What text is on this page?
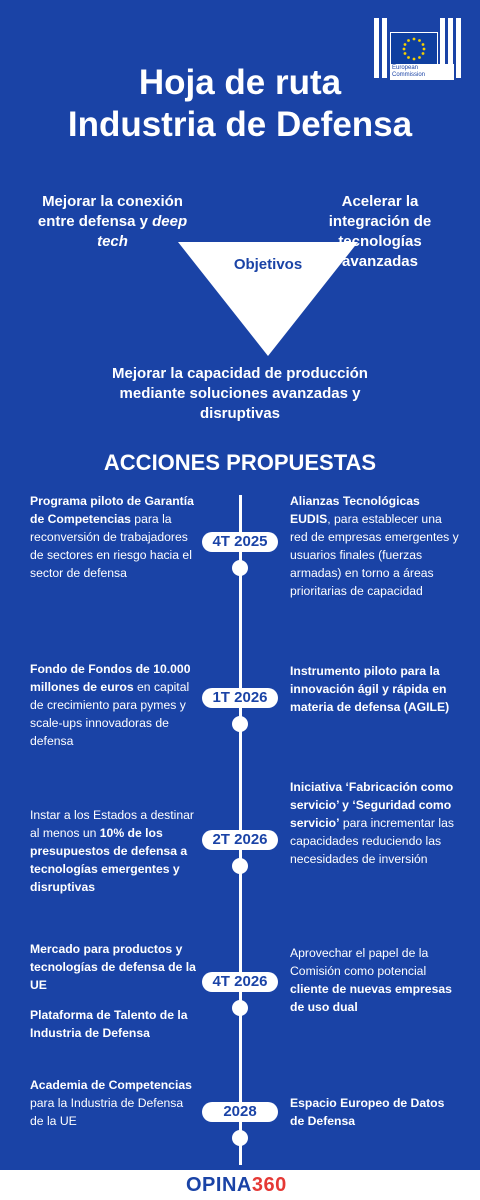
European
Commission
Hoja de ruta
Industria de Defensa
Mejorar la conexión entre defensa y deep tech
Acelerar la integración de tecnologías avanzadas
Objetivos
Mejorar la capacidad de producción mediante soluciones avanzadas y disruptivas
ACCIONES PROPUESTAS
4T 2025
Programa piloto de Garantía de Competencias para la reconversión de trabajadores de sectores en riesgo hacia el sector de defensa
Alianzas Tecnológicas EUDIS, para establecer una red de empresas emergentes y usuarios finales (fuerzas armadas) en torno a áreas prioritarias de capacidad
1T 2026
Fondo de Fondos de 10.000 millones de euros en capital de crecimiento para pymes y scale-ups innovadoras de defensa
Instrumento piloto para la innovación ágil y rápida en materia de defensa (AGILE)
2T 2026
Instar a los Estados a destinar al menos un 10% de los presupuestos de defensa a tecnologías emergentes y disruptivas
Iniciativa ‘Fabricación como servicio’ y ‘Seguridad como servicio’ para incrementar las capacidades reduciendo las necesidades de inversión
4T 2026
Mercado para productos y tecnologías de defensa de la UE
Plataforma de Talento de la Industria de Defensa
Aprovechar el papel de la Comisión como potencial cliente de nuevas empresas de uso dual
2028
Academia de Competencias para la Industria de Defensa de la UE
Espacio Europeo de Datos de Defensa
OPINA360
